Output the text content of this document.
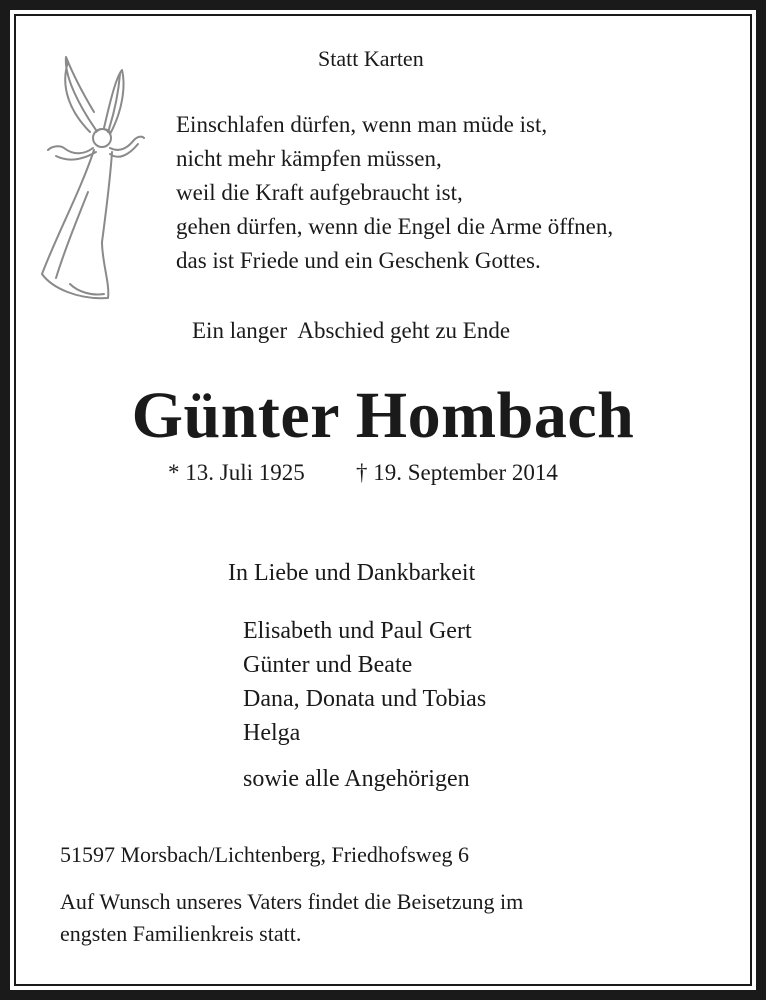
Statt Karten
Einschlafen dürfen, wenn man müde ist,
nicht mehr kämpfen müssen,
weil die Kraft aufgebraucht ist,
gehen dürfen, wenn die Engel die Arme öffnen,
das ist Friede und ein Geschenk Gottes.
Ein langer  Abschied geht zu Ende
Günter Hombach
* 13. Juli 1925 † 19. September 2014
In Liebe und Dankbarkeit
Elisabeth und Paul Gert
Günter und Beate
Dana, Donata und Tobias
Helga
sowie alle Angehörigen
51597 Morsbach/Lichtenberg, Friedhofsweg 6
Auf Wunsch unseres Vaters findet die Beisetzung im
engsten Familienkreis statt.
